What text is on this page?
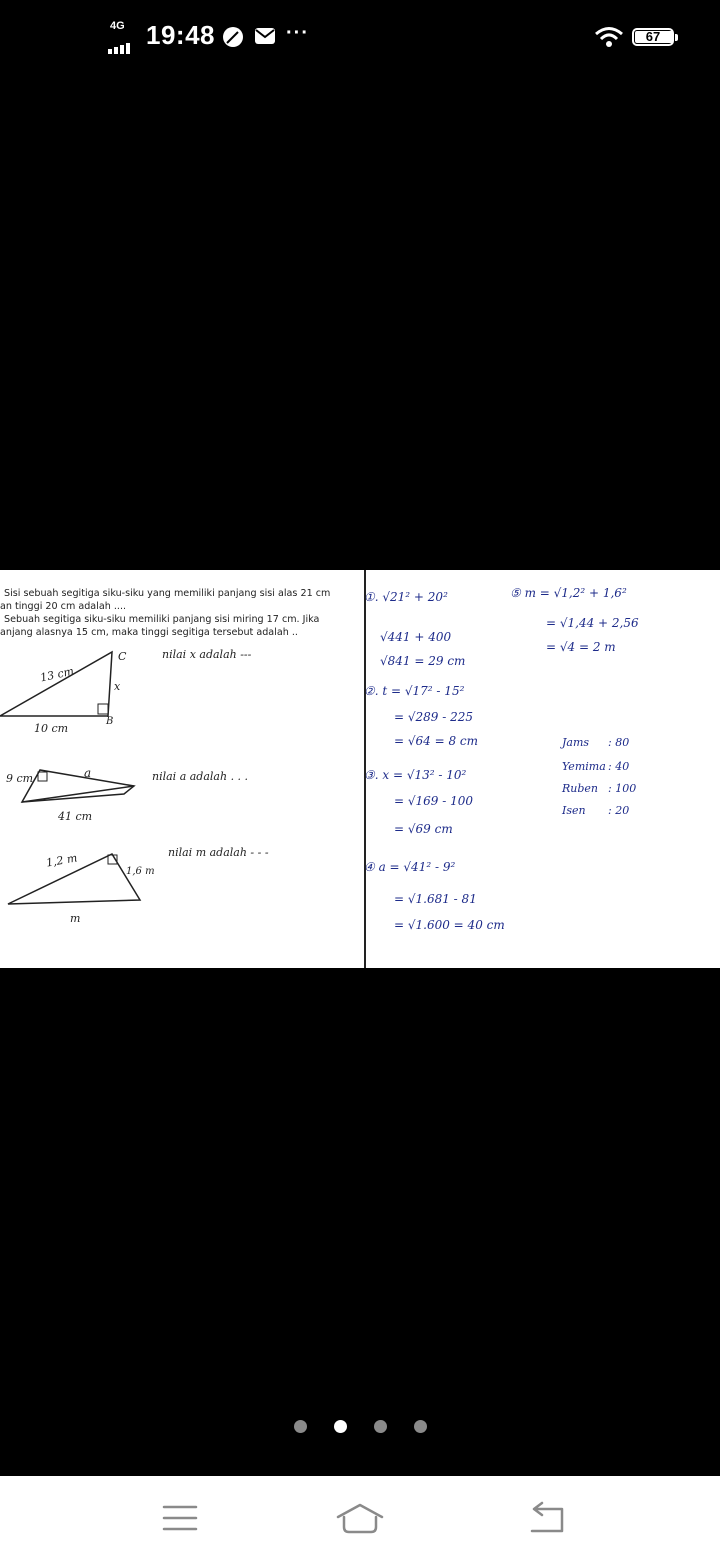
4G 19:48	···	67
Sisi sebuah segitiga siku-siku yang memiliki panjang sisi alas 21 cm
an tinggi 20 cm adalah ....
Sebuah segitiga siku-siku memiliki panjang sisi miring 17 cm. Jika
anjang alasnya 15 cm, maka tinggi segitiga tersebut adalah ..
13 cm
C
x
B
10 cm
nilai x adalah ---
9 cm	a
41 cm
nilai a adalah . . .
1,2 m
1,6 m
m
nilai m adalah - - -
①. √21² + 20²
√441 + 400
√841 = 29 cm
②. t = √17² - 15²
= √289 - 225
= √64 = 8 cm
③. x = √13² - 10²
= √169 - 100
= √69 cm
④ a = √41² - 9²
= √1.681 - 81
= √1.600 = 40 cm
⑤ m = √1,2² + 1,6²
= √1,44 + 2,56
= √4 = 2 m
Jams : 80
Yemima : 40
Ruben : 100
Isen : 20
